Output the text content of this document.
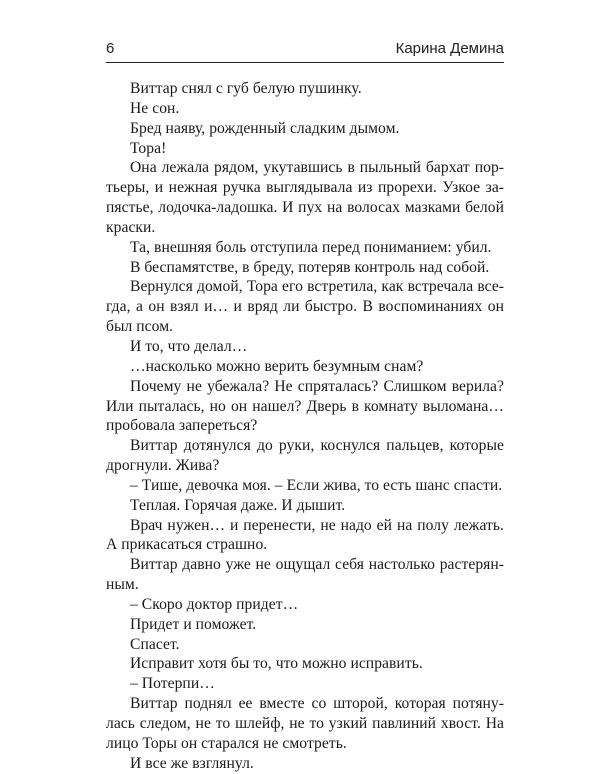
6	Карина Демина

Виттар снял с губ белую пушинку.

Не сон.

Бред наяву, рожденный сладким дымом.

Тора!

Она лежала рядом, укутавшись в пыльный бархат портьеры, и нежная ручка выглядывала из прорехи. Узкое запястье, лодочка-ладошка. И пух на волосах мазками белой краски.

Та, внешняя боль отступила перед пониманием: убил.

В беспамятстве, в бреду, потеряв контроль над собой.

Вернулся домой, Тора его встретила, как встречала всегда, а он взял и… и вряд ли быстро. В воспоминаниях он был псом.

И то, что делал…

…насколько можно верить безумным снам?

Почему не убежала? Не спряталась? Слишком верила? Или пыталась, но он нашел? Дверь в комнату выломана… пробовала запереться?

Виттар дотянулся до руки, коснулся пальцев, которые дрогнули. Жива?

– Тише, девочка моя. – Если жива, то есть шанс спасти.

Теплая. Горячая даже. И дышит.

Врач нужен… и перенести, не надо ей на полу лежать. А прикасаться страшно.

Виттар давно уже не ощущал себя настолько растерянным.

– Скоро доктор придет…

Придет и поможет.

Спасет.

Исправит хотя бы то, что можно исправить.

– Потерпи…

Виттар поднял ее вместе со шторой, которая потянулась следом, не то шлейф, не то узкий павлиний хвост. На лицо Торы он старался не смотреть.

И все же взглянул.
